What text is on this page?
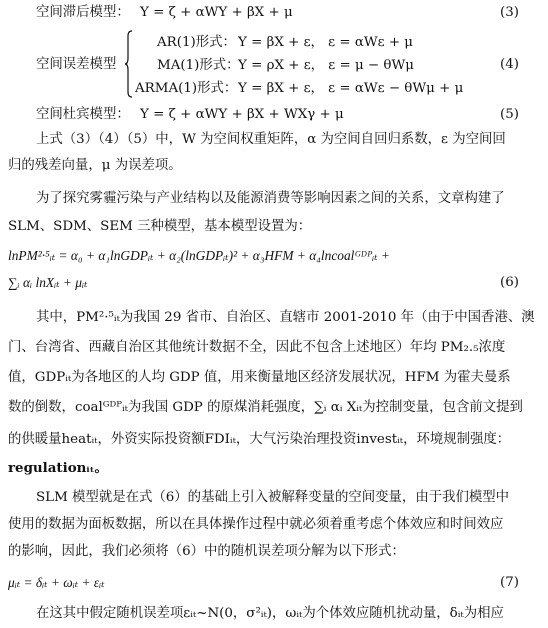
空间滞后模型： Y = ζ + αWY + βX + μ	(3)
空间误差模型
AR(1)形式： Y = βX + ε， ε = αWε + μ
MA(1)形式：
Y = ρX + ε， ε = μ − θWμ
ARMA(1)形式： Y = βX + ε， ε = αWε − θWμ + μ
(4)
空间杜宾模型： Y = ζ + αWY + βX + WXγ + μ	(5)
上式（3）（4）（5）中，W 为空间权重矩阵，α 为空间自回归系数，ε 为空间回
归的残差向量，μ 为误差项。
为了探究雾霾污染与产业结构以及能源消费等影响因素之间的关系，文章构建了
SLM、SDM、SEM 三种模型，基本模型设置为：
lnPM²·⁵ᵢₜ = α₀ + α₁lnGDPᵢₜ + α₂(lnGDPᵢₜ)² + α₃HFM + α₄lncoalᴳᴰᴾᵢₜ +
∑ᵢ αᵢ lnXᵢₜ + μᵢₜ	(6)
其中，PM²·⁵ᵢₜ为我国 29 省市、自治区、直辖市 2001-2010 年（由于中国香港、澳
门、台湾省、西藏自治区其他统计数据不全，因此不包含上述地区）年均 PM₂.₅浓度
值，GDPᵢₜ为各地区的人均 GDP 值，用来衡量地区经济发展状况，HFM 为霍夫曼系
数的倒数，coalᴳᴰᴾᵢₜ为我国 GDP 的原煤消耗强度，∑ᵢ αᵢ Xᵢₜ为控制变量，包含前文提到
的供暖量heatᵢₜ，外资实际投资额FDIᵢₜ，大气污染治理投资investᵢₜ，环境规制强度：
regulationᵢₜ。
SLM 模型就是在式（6）的基础上引入被解释变量的空间变量，由于我们模型中
使用的数据为面板数据，所以在具体操作过程中就必须着重考虑个体效应和时间效应
的影响，因此，我们必须将（6）中的随机误差项分解为以下形式：
μᵢₜ = δᵢₜ + ωᵢₜ + εᵢₜ	(7)
在这其中假定随机误差项εᵢₜ~N(0，σ²ᵢₜ)，ωᵢₜ为个体效应随机扰动量，δᵢₜ为相应
